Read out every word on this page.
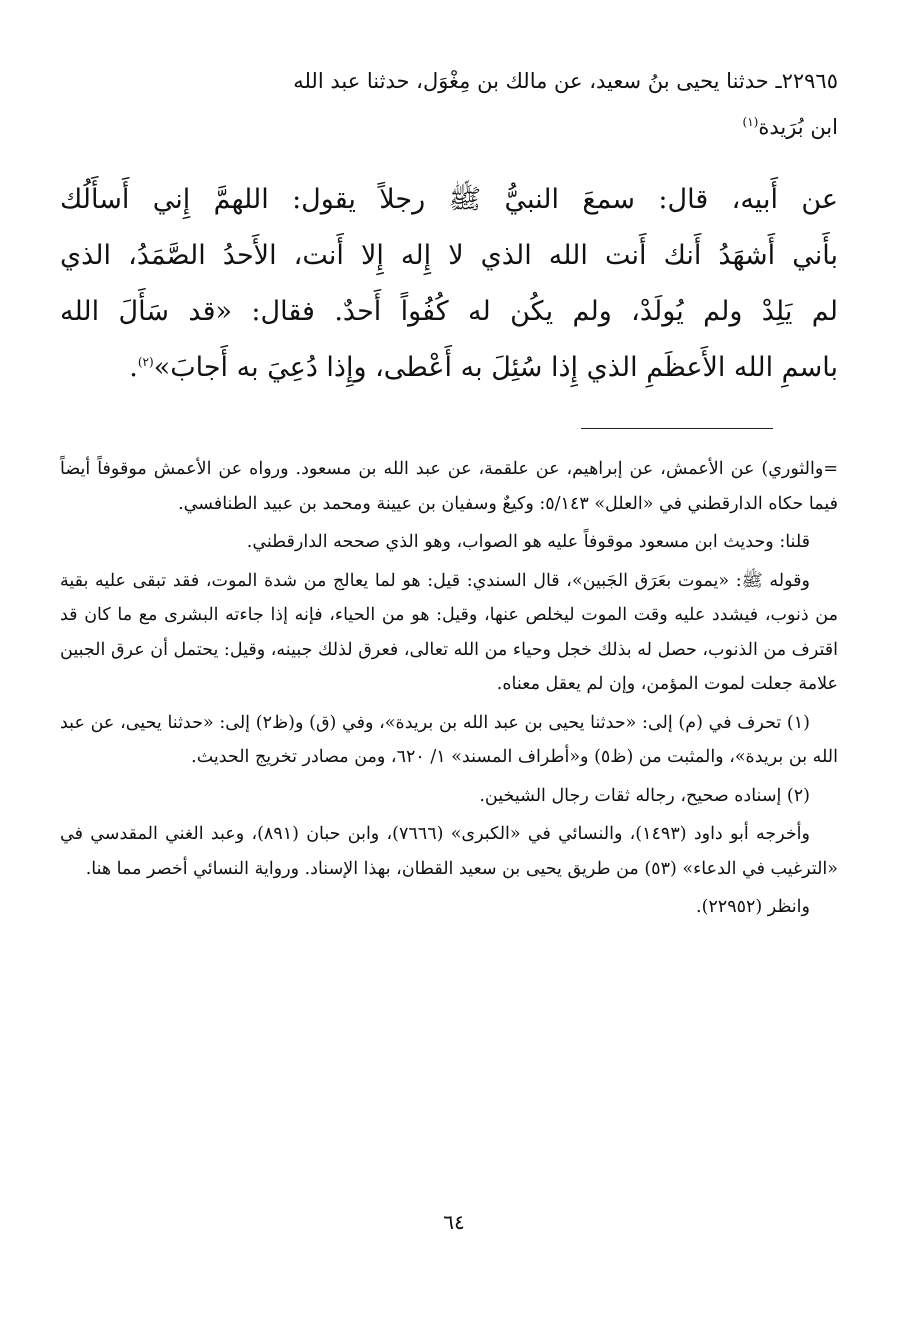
٢٢٩٦٥ـ حدثنا يحيى بنُ سعيد، عن مالك بن مِغْوَل، حدثنا عبد الله
ابن بُرَيدة$^{(١)}$
عن أَبيه، قال: سمعَ النبيُّ ﷺ رجلاً يقول: اللهمَّ إِني أَسأَلُك
بأَني أَشهَدُ أَنك أَنت الله الذي لا إِله إِلا أَنت، الأَحدُ الصَّمَدُ، الذي
لم يَلِدْ ولم يُولَدْ، ولم يكُن له كُفُواً أَحدٌ. فقال: «قد سَأَلَ الله
باسمِ الله الأَعظَمِ الذي إِذا سُئِلَ به أَعْطى، وإِذا دُعِيَ به أَجابَ»$^{(٢)}$.

=والثوري) عن الأعمش، عن إبراهيم، عن علقمة، عن عبد الله بن مسعود. ورواه عن الأعمش موقوفاً أيضاً فيما حكاه الدارقطني في «العلل» ٥/١٤٣: وكيعٌ وسفيان بن عيينة ومحمد بن عبيد الطنافسي.

قلنا: وحديث ابن مسعود موقوفاً عليه هو الصواب، وهو الذي صححه الدارقطني.

وقوله ﷺ: «يموت بعَرَق الجَبين»، قال السندي: قيل: هو لما يعالج من شدة الموت، فقد تبقى عليه بقية من ذنوب، فيشدد عليه وقت الموت ليخلص عنها، وقيل: هو من الحياء، فإنه إذا جاءته البشرى مع ما كان قد اقترف من الذنوب، حصل له بذلك خجل وحياء من الله تعالى، فعرق لذلك جبينه، وقيل: يحتمل أن عرق الجبين علامة جعلت لموت المؤمن، وإن لم يعقل معناه.

(١) تحرف في (م) إلى: «حدثنا يحيى بن عبد الله بن بريدة»، وفي (ق) و(ظ٢) إلى: «حدثنا يحيى، عن عبد الله بن بريدة»، والمثبت من (ظ٥) و«أطراف المسند» ١/ ٦٢٠، ومن مصادر تخريج الحديث.

(٢) إسناده صحيح، رجاله ثقات رجال الشيخين.

وأخرجه أبو داود (١٤٩٣)، والنسائي في «الكبرى» (٧٦٦٦)، وابن حبان (٨٩١)، وعبد الغني المقدسي في «الترغيب في الدعاء» (٥٣) من طريق يحيى بن سعيد القطان، بهذا الإسناد. ورواية النسائي أخصر مما هنا.

وانظر (٢٢٩٥٢).

٦٤
